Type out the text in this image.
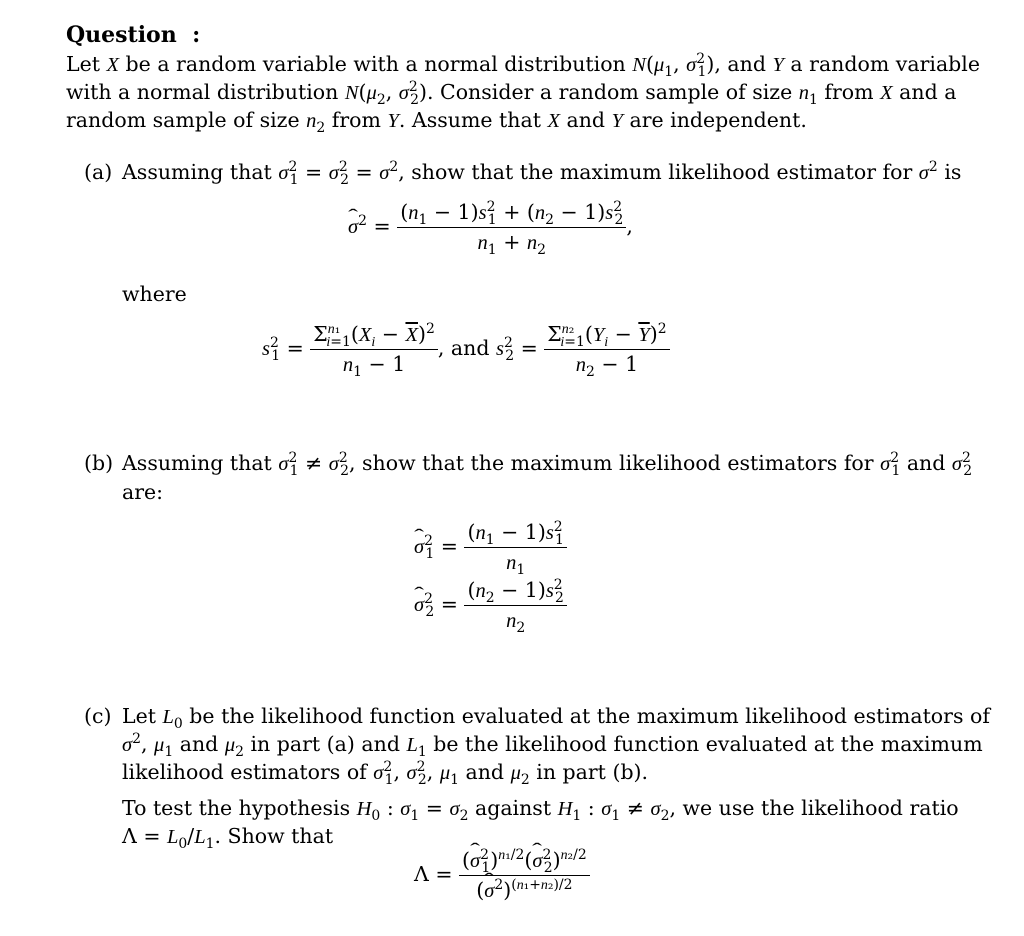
Question :
Let X be a random variable with a normal distribution $N(\mu_1$, $\sigma^2_1$), and Y a random variable
with a normal distribution $N(\mu_2$, $\sigma^2_2$). Consider a random sample of size $n_1$ from X and a
random sample of size $n_2$ from Y. Assume that X and Y are independent.
(a) Assuming that $\sigma^2_1 = \sigma^2_2 = \sigma^2$, show that the maximum likelihood estimator for $\sigma^2$ is
ˆ $\sigma^2 = \frac{(n_1 - 1)s^2_1 + (n_2 - 1)s^2_2}{n_1 + n_2}$ ,
where
$s^2_1 = \frac{\Sigma^{n_1}_{i=1}(X_i - \overline{X})^2}{n_1 - 1}$ , and $s^2_2 = \frac{\Sigma^{n_2}_{i=1}(Y_i - \overline{Y})^2}{n_2 - 1}$
(b) Assuming that $\sigma^2_1 \ne \sigma^2_2$, show that the maximum likelihood estimators for $\sigma^2_1$ and $\sigma^2_2$
are:
ˆ $\sigma^2_1 = \frac{(n_1 - 1)s^2_1}{n_1}$
ˆ $\sigma^2_2 = \frac{(n_2 - 1)s^2_2}{n_2}$
(c) Let $L_0$ be the likelihood function evaluated at the maximum likelihood estimators of
$\sigma^2$, $\mu_1$ and $\mu_2$ in part (a) and $L_1$ be the likelihood function evaluated at the maximum
likelihood estimators of $\sigma^2_1$, $\sigma^2_2$, $\mu_1$ and $\mu_2$ in part (b).
To test the hypothesis $H_0$ : $\sigma_1 = \sigma_2$ against $H_1$ : $\sigma_1 \ne \sigma_2$, we use the likelihood ratio
$\Lambda = L_0/L_1$. Show that
$\Lambda = \frac{(ˆ \sigma^2_1)^{n_1/2}(ˆ \sigma^2_2)^{n_2/2}}{(ˆ \sigma^2)^{(n_1+n_2)/2}}$
